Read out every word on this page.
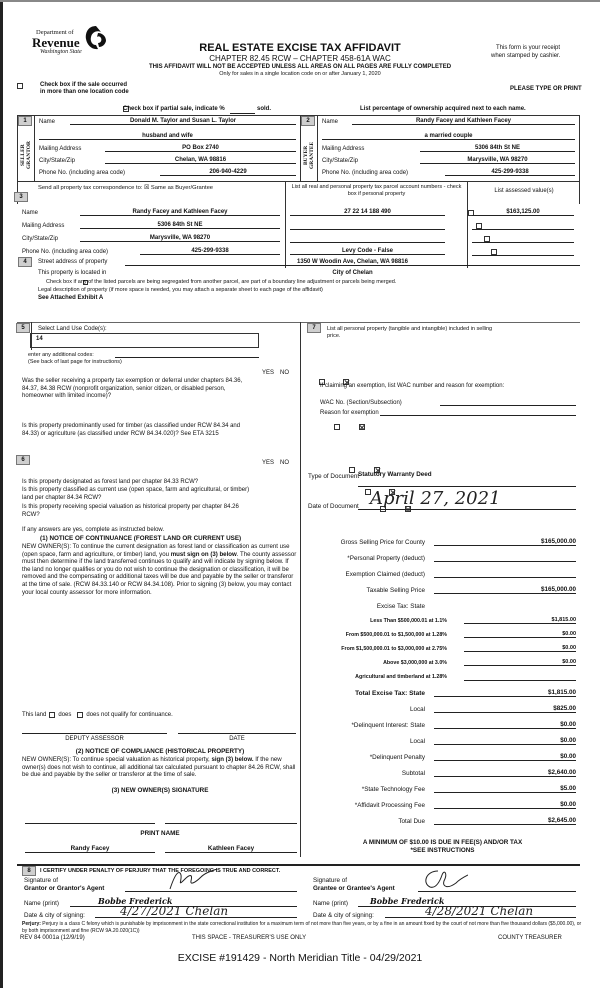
Department of
Revenue
Washington State	REAL ESTATE EXCISE TAX AFFIDAVIT
CHAPTER 82.45 RCW – CHAPTER 458-61A WAC
THIS AFFIDAVIT WILL NOT BE ACCEPTED UNLESS ALL AREAS ON ALL PAGES ARE FULLY COMPLETED
Only for sales in a single location code on or after January 1, 2020
This form is your receipt
when stamped by cashier.

Check box if the sale occurred
in more than one location code	PLEASE TYPE OR PRINT

Check box if partial sale, indicate %	sold.	List percentage of ownership acquired next to each name.
1	2
SELLER GRANTOR	BUYER GRANTEE
Name	Donald M. Taylor and Susan L. Taylor
husband and wife
Mailing Address	PO Box 2740
City/State/Zip	Chelan, WA 98816
Phone No. (including area code)	206-940-4229
Name	Randy Facey and Kathleen Facey
a married couple
Mailing Address	5306 84th St NE
City/State/Zip	Marysville, WA 98270
Phone No. (including area code)	425-299-9338
3
Send all property tax correspondence to: ☒ Same as Buyer/Grantee	List all real and personal property tax parcel account numbers - check box if personal property	List assessed value(s)
Name	Randy Facey and Kathleen Facey
Mailing Address	5306 84th St NE
City/State/Zip	Marysville, WA 98270
Phone No. (including area code)	425-299-9338
27 22 14 188 490
	$163,125.00

Levy Code - False

4	Street address of property	1350 W Woodin Ave, Chelan, WA 98816
This property is located in	City of Chelan

Check box if any of the listed parcels are being segregated from another parcel, are part of a boundary line adjustment or parcels being merged.
Legal description of property (if more space is needed, you may attach a separate sheet to each page of the affidavit)
See Attached Exhibit A
5	Select Land Use Code(s):
14
enter any additional codes:
(See back of last page for instructions)
YES NO
Was the seller receiving a property tax exemption or deferral under chapters 84.36, 84.37, 84.38 RCW (nonprofit organization, senior citizen, or disabled person, homeowner with limited income)?

Is this property predominantly used for timber (as classified under RCW 84.34 and 84.33) or agriculture (as classified under RCW 84.34.020)? See ETA 3215

7	List all personal property (tangible and intangible) included in selling price.
If claiming an exemption, list WAC number and reason for exemption:
WAC No. (Section/Subsection)
Reason for exemption
6	YES NO

Is this property designated as forest land per chapter 84.33 RCW?
Is this property classified as current use (open space, farm and agricultural, or timber) land per chapter 84.34 RCW?

Is this property receiving special valuation as historical property per chapter 84.26 RCW?

If any answers are yes, complete as instructed below.
(1) NOTICE OF CONTINUANCE (FOREST LAND OR CURRENT USE)
NEW OWNER(S): To continue the current designation as forest land or classification as current use (open space, farm and agriculture, or timber) land, you must sign on (3) below. The county assessor must then determine if the land transferred continues to qualify and will indicate by signing below. If the land no longer qualifies or you do not wish to continue the designation or classification, it will be removed and the compensating or additional taxes will be due and payable by the seller or transferor at the time of sale. (RCW 84.33.140 or RCW 84.34.108). Prior to signing (3) below, you may contact your local county assessor for more information.
This land does	does not qualify for continuance.
DEPUTY ASSESSOR	DATE
(2) NOTICE OF COMPLIANCE (HISTORICAL PROPERTY)
NEW OWNER(S): To continue special valuation as historical property, sign (3) below. If the new owner(s) does not wish to continue, all additional tax calculated pursuant to chapter 84.26 RCW, shall be due and payable by the seller or transferor at the time of sale.
(3) NEW OWNER(S) SIGNATURE
PRINT NAME
Randy Facey	Kathleen Facey
Type of Document
Statutory Warranty Deed
Date of Document April 27, 2021
Gross Selling Price for County	$165,000.00
*Personal Property (deduct)
Exemption Claimed (deduct)
Taxable Selling Price	$165,000.00
Excise Tax: State
Less Than $500,000.01 at 1.1%	$1,815.00
From $500,000.01 to $1,500,000 at 1.28%	$0.00
From $1,500,000.01 to $3,000,000 at 2.75%	$0.00
Above $3,000,000 at 3.0%	$0.00
Agricultural and timberland at 1.28%
Total Excise Tax: State	$1,815.00
Local	$825.00
*Delinquent Interest: State	$0.00
Local	$0.00
*Delinquent Penalty	$0.00
Subtotal	$2,640.00
*State Technology Fee	$5.00
*Affidavit Processing Fee	$0.00
Total Due	$2,645.00
A MINIMUM OF $10.00 IS DUE IN FEE(S) AND/OR TAX
*SEE INSTRUCTIONS
8	I CERTIFY UNDER PENALTY OF PERJURY THAT THE FOREGOING IS TRUE AND CORRECT.
Signature of
Grantor or Grantor's Agent
Name (print)	Bobbe Frederick
Date & city of signing:	4/27/2021 Chelan
Signature of
Grantee or Grantee's Agent
Name (print)	Bobbe Frederick
Date & city of signing:	4/28/2021 Chelan
Perjury: Perjury is a class C felony which is punishable by imprisonment in the state correctional institution for a maximum term of not more than five years, or by a fine in an amount fixed by the court of not more than five thousand dollars ($5,000.00), or by both imprisonment and fine (RCW 9A.20.020(1C))
REV 84 0001a (12/9/19)	THIS SPACE - TREASURER'S USE ONLY	COUNTY TREASURER
EXCISE #191429 - North Meridian Title - 04/29/2021
